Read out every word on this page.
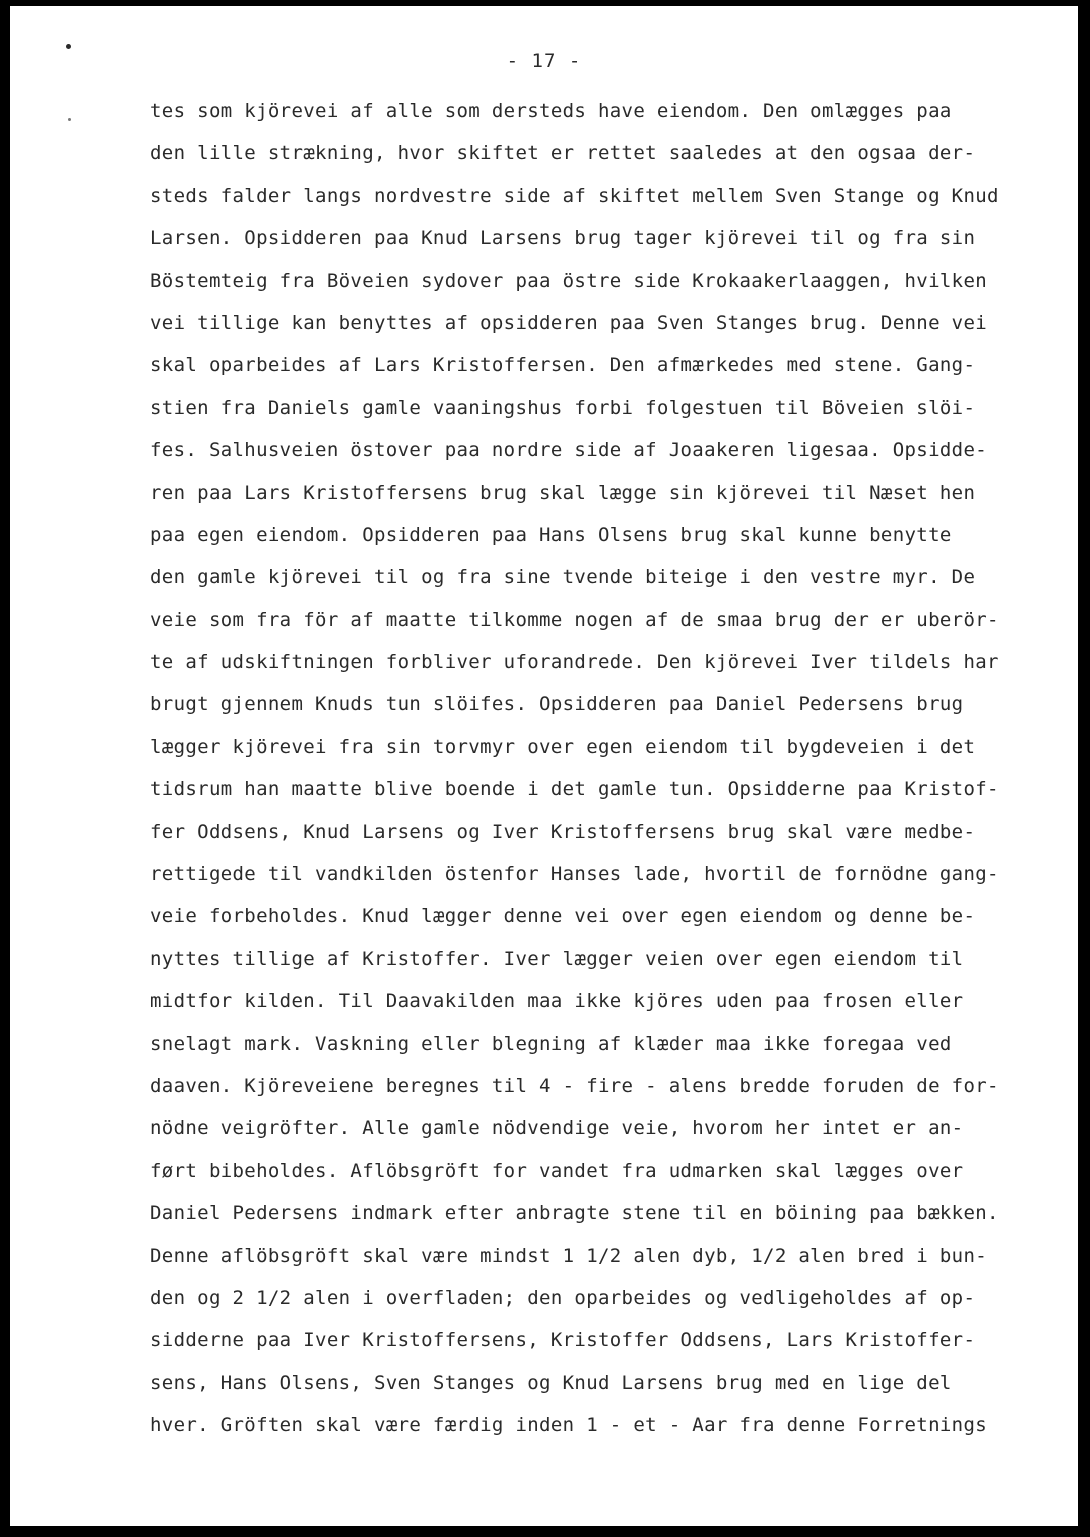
- 17 -
tes som kjörevei af alle som dersteds have eiendom. Den omlægges paa
den lille strækning, hvor skiftet er rettet saaledes at den ogsaa der-
steds falder langs nordvestre side af skiftet mellem Sven Stange og Knud
Larsen. Opsidderen paa Knud Larsens brug tager kjörevei til og fra sin
Böstemteig fra Böveien sydover paa östre side Krokaakerlaaggen, hvilken
vei tillige kan benyttes af opsidderen paa Sven Stanges brug. Denne vei
skal oparbeides af Lars Kristoffersen. Den afmærkedes med stene. Gang-
stien fra Daniels gamle vaaningshus forbi folgestuen til Böveien slöi-
fes. Salhusveien östover paa nordre side af Joaakeren ligesaa. Opsidde-
ren paa Lars Kristoffersens brug skal lægge sin kjörevei til Næset hen
paa egen eiendom. Opsidderen paa Hans Olsens brug skal kunne benytte
den gamle kjörevei til og fra sine tvende biteige i den vestre myr. De
veie som fra för af maatte tilkomme nogen af de smaa brug der er uberör-
te af udskiftningen forbliver uforandrede. Den kjörevei Iver tildels har
brugt gjennem Knuds tun slöifes. Opsidderen paa Daniel Pedersens brug
lægger kjörevei fra sin torvmyr over egen eiendom til bygdeveien i det
tidsrum han maatte blive boende i det gamle tun. Opsidderne paa Kristof-
fer Oddsens, Knud Larsens og Iver Kristoffersens brug skal være medbe-
rettigede til vandkilden östenfor Hanses lade, hvortil de fornödne gang-
veie forbeholdes. Knud lægger denne vei over egen eiendom og denne be-
nyttes tillige af Kristoffer. Iver lægger veien over egen eiendom til
midtfor kilden. Til Daavakilden maa ikke kjöres uden paa frosen eller
snelagt mark. Vaskning eller blegning af klæder maa ikke foregaa ved
daaven. Kjöreveiene beregnes til 4 - fire - alens bredde foruden de for-
nödne veigröfter. Alle gamle nödvendige veie, hvorom her intet er an-
ført bibeholdes. Aflöbsgröft for vandet fra udmarken skal lægges over
Daniel Pedersens indmark efter anbragte stene til en böining paa bækken.
Denne aflöbsgröft skal være mindst 1 1/2 alen dyb, 1/2 alen bred i bun-
den og 2 1/2 alen i overfladen; den oparbeides og vedligeholdes af op-
sidderne paa Iver Kristoffersens, Kristoffer Oddsens, Lars Kristoffer-
sens, Hans Olsens, Sven Stanges og Knud Larsens brug med en lige del
hver. Gröften skal være færdig inden 1 - et - Aar fra denne Forretnings
